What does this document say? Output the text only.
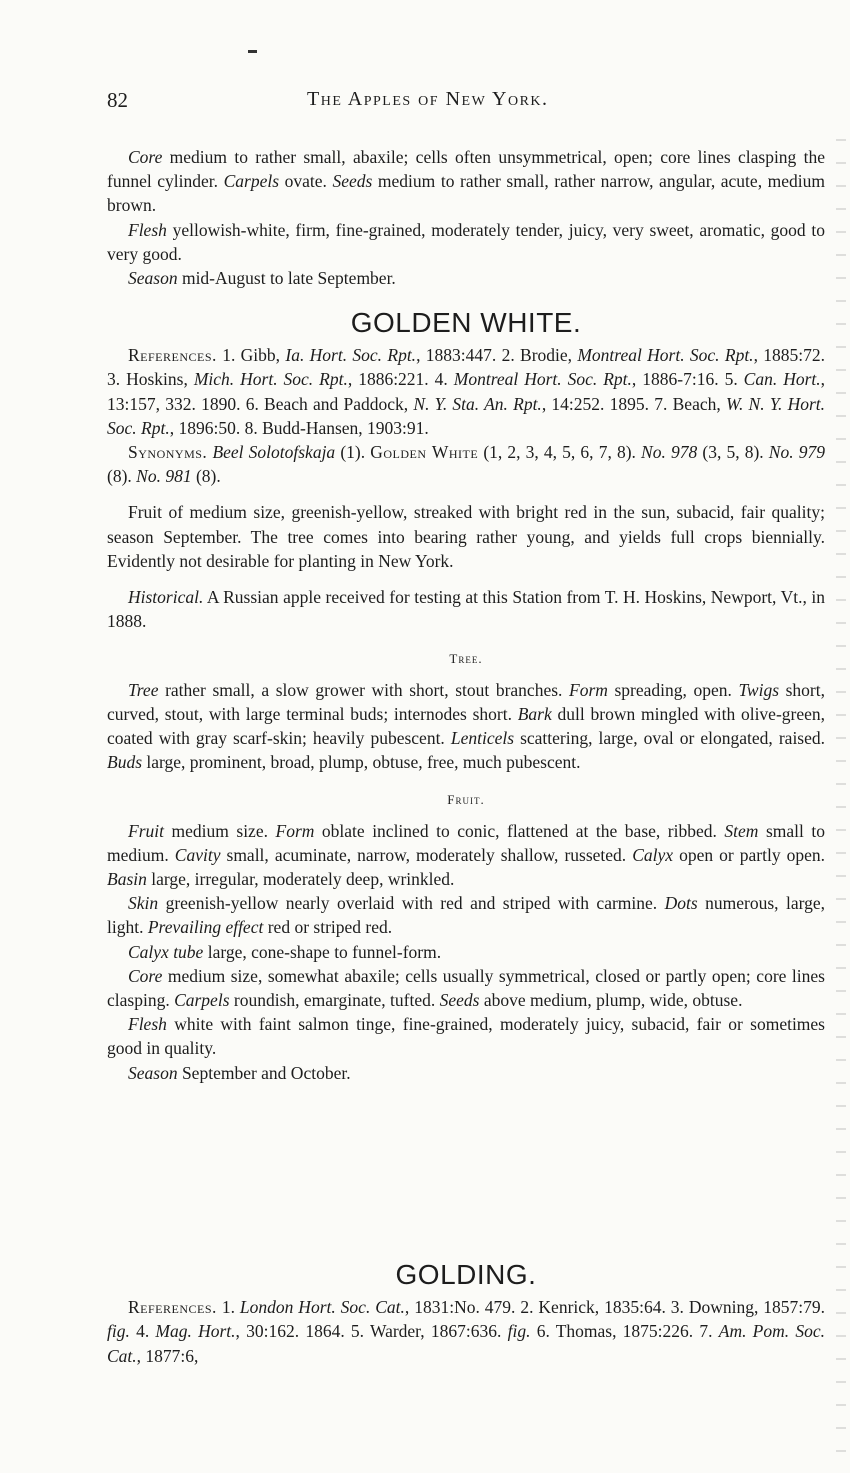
82	The Apples of New York.

Core medium to rather small, abaxile; cells often unsymmetrical, open; core lines clasping the funnel cylinder. Carpels ovate. Seeds medium to rather small, rather narrow, angular, acute, medium brown.

Flesh yellowish-white, firm, fine-grained, moderately tender, juicy, very sweet, aromatic, good to very good.

Season mid-August to late September.

GOLDEN WHITE.

References. 1. Gibb, Ia. Hort. Soc. Rpt., 1883:447. 2. Brodie, Montreal Hort. Soc. Rpt., 1885:72. 3. Hoskins, Mich. Hort. Soc. Rpt., 1886:221. 4. Montreal Hort. Soc. Rpt., 1886-7:16. 5. Can. Hort., 13:157, 332. 1890. 6. Beach and Paddock, N. Y. Sta. An. Rpt., 14:252. 1895. 7. Beach, W. N. Y. Hort. Soc. Rpt., 1896:50. 8. Budd-Hansen, 1903:91.

Synonyms. Beel Solotofskaja (1). Golden White (1, 2, 3, 4, 5, 6, 7, 8). No. 978 (3, 5, 8). No. 979 (8). No. 981 (8).

Fruit of medium size, greenish-yellow, streaked with bright red in the sun, subacid, fair quality; season September. The tree comes into bearing rather young, and yields full crops biennially. Evidently not desirable for planting in New York.

Historical. A Russian apple received for testing at this Station from T. H. Hoskins, Newport, Vt., in 1888.

Tree.

Tree rather small, a slow grower with short, stout branches. Form spreading, open. Twigs short, curved, stout, with large terminal buds; internodes short. Bark dull brown mingled with olive-green, coated with gray scarf-skin; heavily pubescent. Lenticels scattering, large, oval or elongated, raised. Buds large, prominent, broad, plump, obtuse, free, much pubescent.

Fruit.

Fruit medium size. Form oblate inclined to conic, flattened at the base, ribbed. Stem small to medium. Cavity small, acuminate, narrow, moderately shallow, russeted. Calyx open or partly open. Basin large, irregular, moderately deep, wrinkled.

Skin greenish-yellow nearly overlaid with red and striped with carmine. Dots numerous, large, light. Prevailing effect red or striped red.

Calyx tube large, cone-shape to funnel-form.

Core medium size, somewhat abaxile; cells usually symmetrical, closed or partly open; core lines clasping. Carpels roundish, emarginate, tufted. Seeds above medium, plump, wide, obtuse.

Flesh white with faint salmon tinge, fine-grained, moderately juicy, subacid, fair or sometimes good in quality.

Season September and October.

GOLDING.

References. 1. London Hort. Soc. Cat., 1831:No. 479. 2. Kenrick, 1835:64. 3. Downing, 1857:79. fig. 4. Mag. Hort., 30:162. 1864. 5. Warder, 1867:636. fig. 6. Thomas, 1875:226. 7. Am. Pom. Soc. Cat., 1877:6,
